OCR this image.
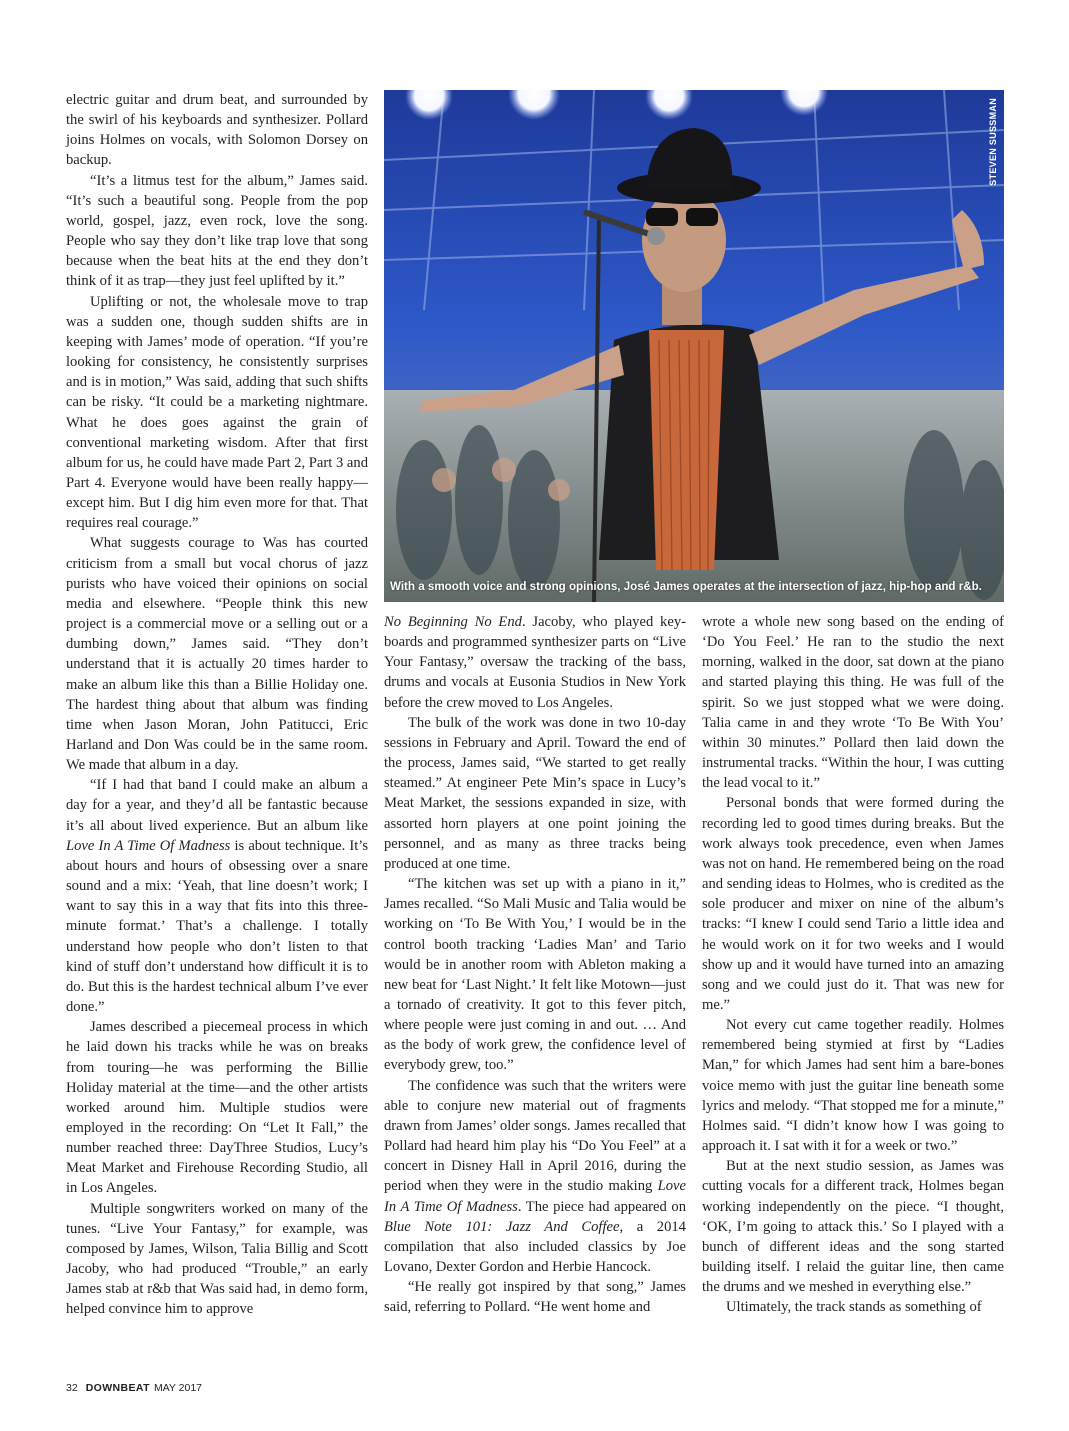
electric guitar and drum beat, and surrounded by the swirl of his keyboards and synthesizer. Pollard joins Holmes on vocals, with Solomon Dorsey on backup.

“It’s a litmus test for the album,” James said. “It’s such a beautiful song. People from the pop world, gospel, jazz, even rock, love the song. People who say they don’t like trap love that song because when the beat hits at the end they don’t think of it as trap—they just feel uplifted by it.”

Uplifting or not, the wholesale move to trap was a sudden one, though sudden shifts are in keeping with James’ mode of operation. “If you’re looking for consistency, he consistently surprises and is in motion,” Was said, adding that such shifts can be risky. “It could be a marketing nightmare. What he does goes against the grain of conventional marketing wisdom. After that first album for us, he could have made Part 2, Part 3 and Part 4. Everyone would have been really happy—except him. But I dig him even more for that. That requires real courage.”

What suggests courage to Was has courted criticism from a small but vocal chorus of jazz purists who have voiced their opinions on social media and elsewhere. “People think this new project is a commercial move or a selling out or a dumbing down,” James said. “They don’t understand that it is actually 20 times harder to make an album like this than a Billie Holiday one. The hardest thing about that album was finding time when Jason Moran, John Patitucci, Eric Harland and Don Was could be in the same room. We made that album in a day.

“If I had that band I could make an album a day for a year, and they’d all be fantastic because it’s all about lived experience. But an album like Love In A Time Of Madness is about technique. It’s about hours and hours of obsessing over a snare sound and a mix: ‘Yeah, that line doesn’t work; I want to say this in a way that fits into this three-minute format.’ That’s a challenge. I totally understand how people who don’t listen to that kind of stuff don’t understand how difficult it is to do. But this is the hardest technical album I’ve ever done.”

James described a piecemeal process in which he laid down his tracks while he was on breaks from touring—he was performing the Billie Holiday material at the time—and the other artists worked around him. Multiple studios were employed in the recording: On “Let It Fall,” the number reached three: DayThree Studios, Lucy’s Meat Market and Firehouse Recording Studio, all in Los Angeles.

Multiple songwriters worked on many of the tunes. “Live Your Fantasy,” for example, was composed by James, Wilson, Talia Billig and Scott Jacoby, who had produced “Trouble,” an early James stab at r&b that Was said had, in demo form, helped convince him to approve

STEVEN SUSSMAN
With a smooth voice and strong opinions, José James operates at the intersection of jazz, hip-hop and r&b.

No Beginning No End. Jacoby, who played keyboards and programmed synthesizer parts on “Live Your Fantasy,” oversaw the tracking of the bass, drums and vocals at Eusonia Studios in New York before the crew moved to Los Angeles.

The bulk of the work was done in two 10-day sessions in February and April. Toward the end of the process, James said, “We started to get really steamed.” At engineer Pete Min’s space in Lucy’s Meat Market, the sessions expanded in size, with assorted horn players at one point joining the personnel, and as many as three tracks being produced at one time.

“The kitchen was set up with a piano in it,” James recalled. “So Mali Music and Talia would be working on ‘To Be With You,’ I would be in the control booth tracking ‘Ladies Man’ and Tario would be in another room with Ableton making a new beat for ‘Last Night.’ It felt like Motown—just a tornado of creativity. It got to this fever pitch, where people were just coming in and out. … And as the body of work grew, the confidence level of everybody grew, too.”

The confidence was such that the writers were able to conjure new material out of fragments drawn from James’ older songs. James recalled that Pollard had heard him play his “Do You Feel” at a concert in Disney Hall in April 2016, during the period when they were in the studio making Love In A Time Of Madness. The piece had appeared on Blue Note 101: Jazz And Coffee, a 2014 compilation that also included classics by Joe Lovano, Dexter Gordon and Herbie Hancock.

“He really got inspired by that song,” James said, referring to Pollard. “He went home and

wrote a whole new song based on the ending of ‘Do You Feel.’ He ran to the studio the next morning, walked in the door, sat down at the piano and started playing this thing. He was full of the spirit. So we just stopped what we were doing. Talia came in and they wrote ‘To Be With You’ within 30 minutes.” Pollard then laid down the instrumental tracks. “Within the hour, I was cutting the lead vocal to it.”

Personal bonds that were formed during the recording led to good times during breaks. But the work always took precedence, even when James was not on hand. He remembered being on the road and sending ideas to Holmes, who is credited as the sole producer and mixer on nine of the album’s tracks: “I knew I could send Tario a little idea and he would work on it for two weeks and I would show up and it would have turned into an amazing song and we could just do it. That was new for me.”

Not every cut came together readily. Holmes remembered being stymied at first by “Ladies Man,” for which James had sent him a bare-bones voice memo with just the guitar line beneath some lyrics and melody. “That stopped me for a minute,” Holmes said. “I didn’t know how I was going to approach it. I sat with it for a week or two.”

But at the next studio session, as James was cutting vocals for a different track, Holmes began working independently on the piece. “I thought, ‘OK, I’m going to attack this.’ So I played with a bunch of different ideas and the song started building itself. I relaid the guitar line, then came the drums and we meshed in everything else.”

Ultimately, the track stands as something of

32 DOWNBEAT MAY 2017
